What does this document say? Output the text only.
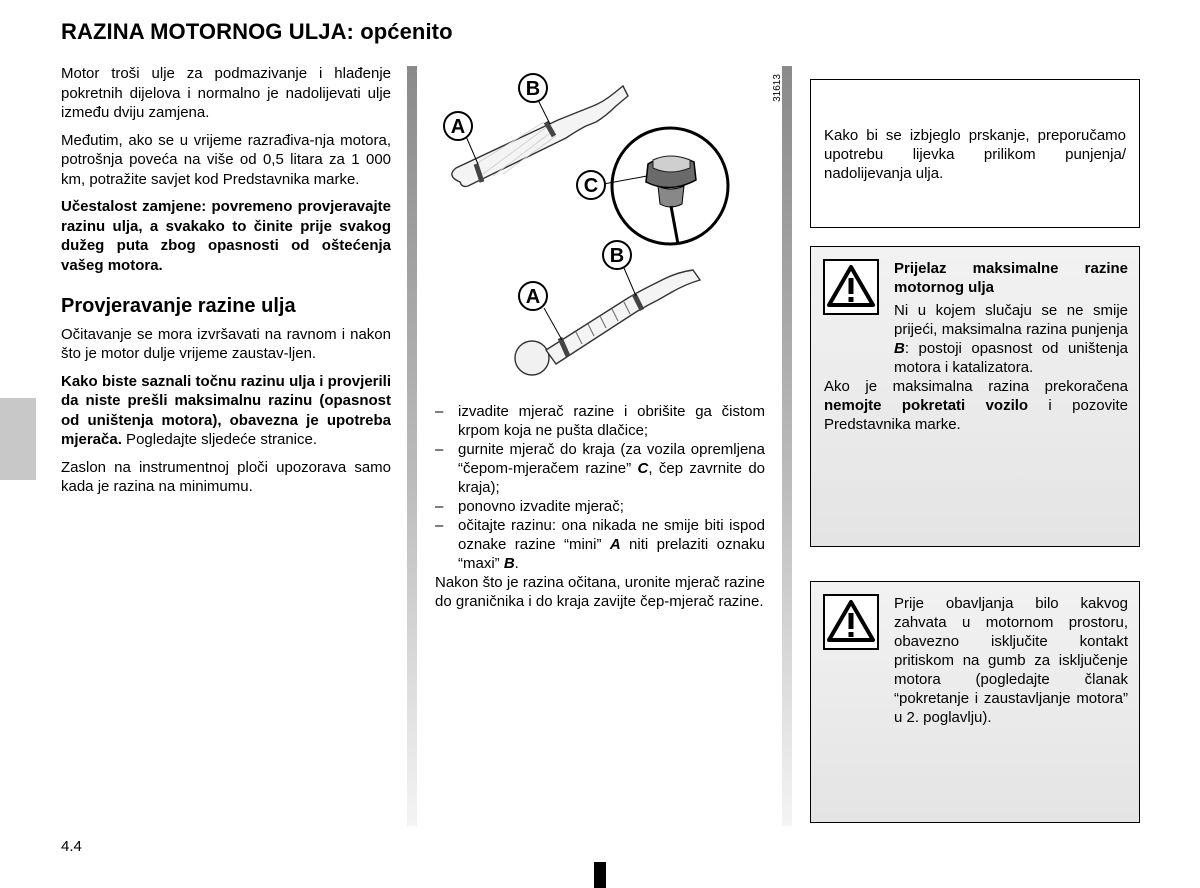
RAZINA MOTORNOG ULJA: općenito

Motor troši ulje za podmazivanje i hlađenje pokretnih dijelova i normalno je nadolijevati ulje između dviju zamjena.

Međutim, ako se u vrijeme razrađiva-nja motora, potrošnja poveća na više od 0,5 litara za 1 000 km, potražite savjet kod Predstavnika marke.

Učestalost zamjene: povremeno provjeravajte razinu ulja, a svakako to činite prije svakog dužeg puta zbog opasnosti od oštećenja vašeg motora.

Provjeravanje razine ulja

Očitavanje se mora izvršavati na ravnom i nakon što je motor dulje vrijeme zaustav-ljen.

Kako biste saznali točnu razinu ulja i provjerili da niste prešli maksimalnu razinu (opasnost od uništenja motora), obavezna je upotreba mjerača. Pogledajte sljedeće stranice.

Zaslon na instrumentnoj ploči upozorava samo kada je razina na minimumu.

B
A
C
B
A
31613
– izvadite mjerač razine i obrišite ga čistom krpom koja ne pušta dlačice;
– gurnite mjerač do kraja (za vozila opremljena “čepom-mjeračem razine” C, čep zavrnite do kraja);
– ponovno izvadite mjerač;
– očitajte razinu: ona nikada ne smije biti ispod oznake razine “mini” A niti prelaziti oznaku “maxi” B.

Nakon što je razina očitana, uronite mjerač razine do graničnika i do kraja zavijte čep-mjerač razine.

Kako bi se izbjeglo prskanje, preporučamo upotrebu lijevka prilikom punjenja/ nadolijevanja ulja.

Prijelaz maksimalne razine motornog ulja

Ni u kojem slučaju se ne smije prijeći, maksimalna razina punjenja B: postoji opasnost od uništenja motora i katalizatora.

Ako je maksimalna razina prekoračena nemojte pokretati vozilo i pozovite Predstavnika marke.

Prije obavljanja bilo kakvog zahvata u motornom prostoru, obavezno isključite kontakt pritiskom na gumb za isključenje motora (pogledajte članak “pokretanje i zaustavljanje motora” u 2. poglavlju).

4.4
